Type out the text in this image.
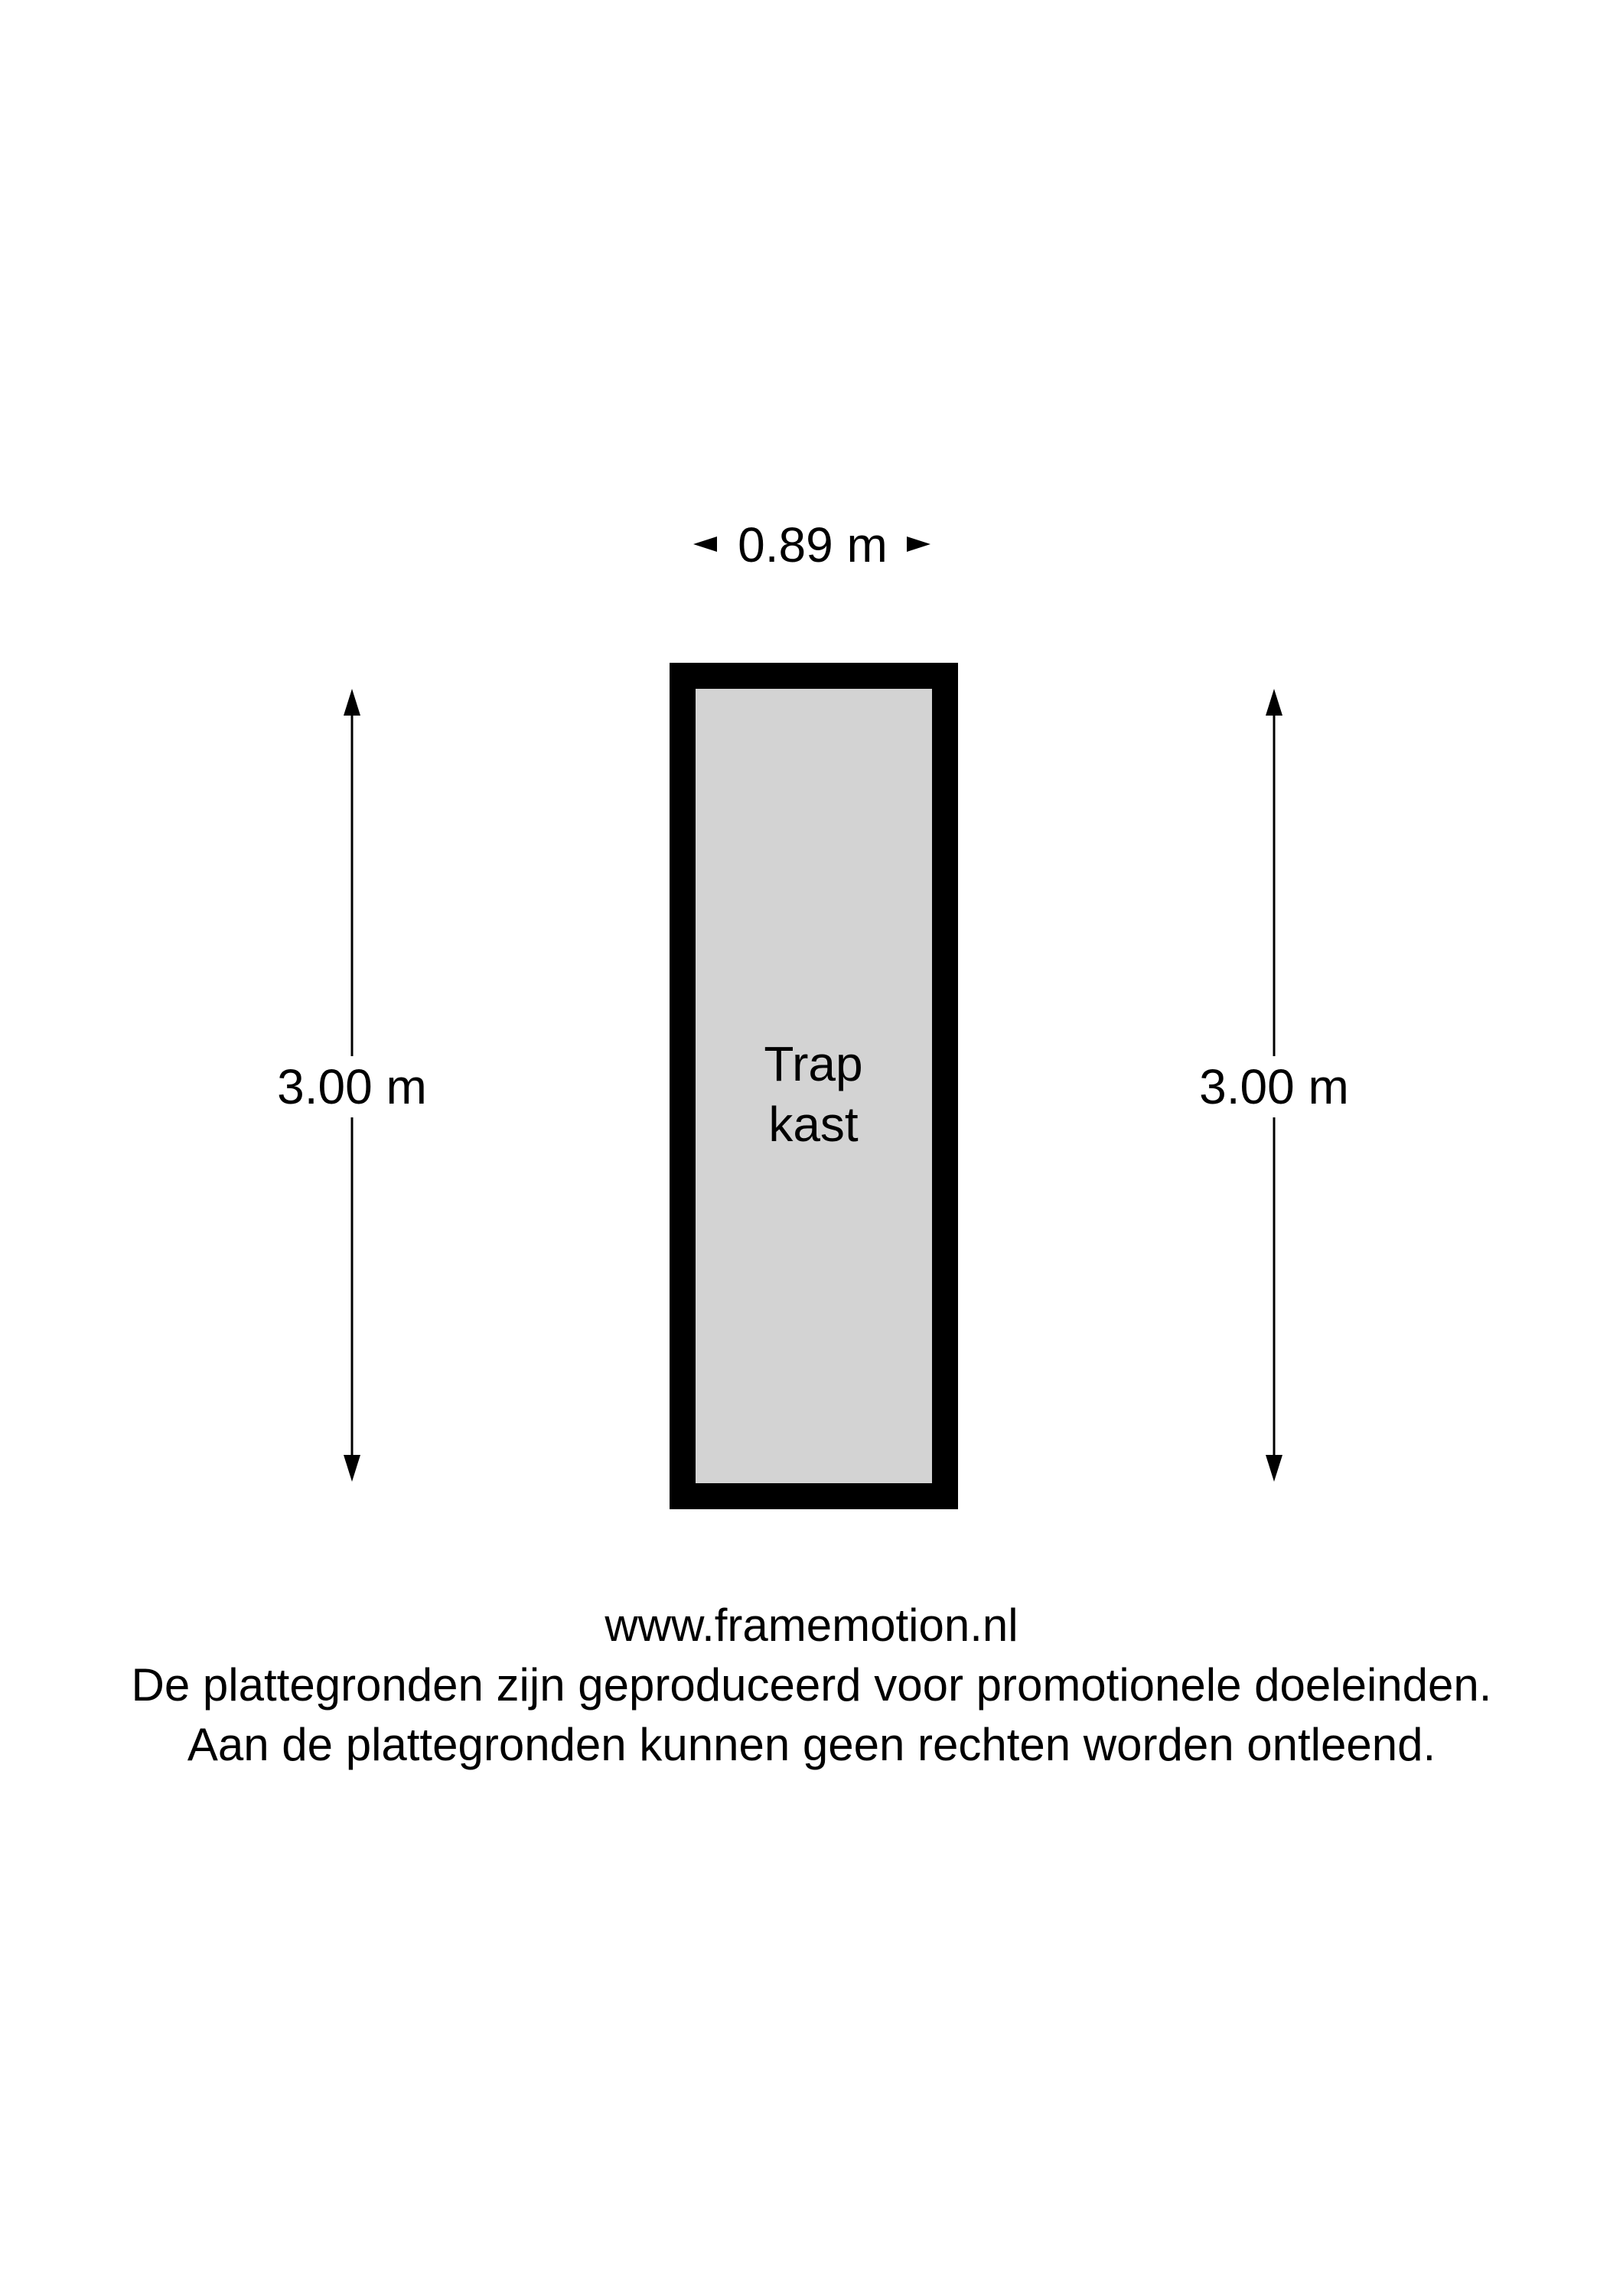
0.89 m
3.00 m	3.00 m
Trap
kast
www.framemotion.nl
De plattegronden zijn geproduceerd voor promotionele doeleinden.
Aan de plattegronden kunnen geen rechten worden ontleend.
